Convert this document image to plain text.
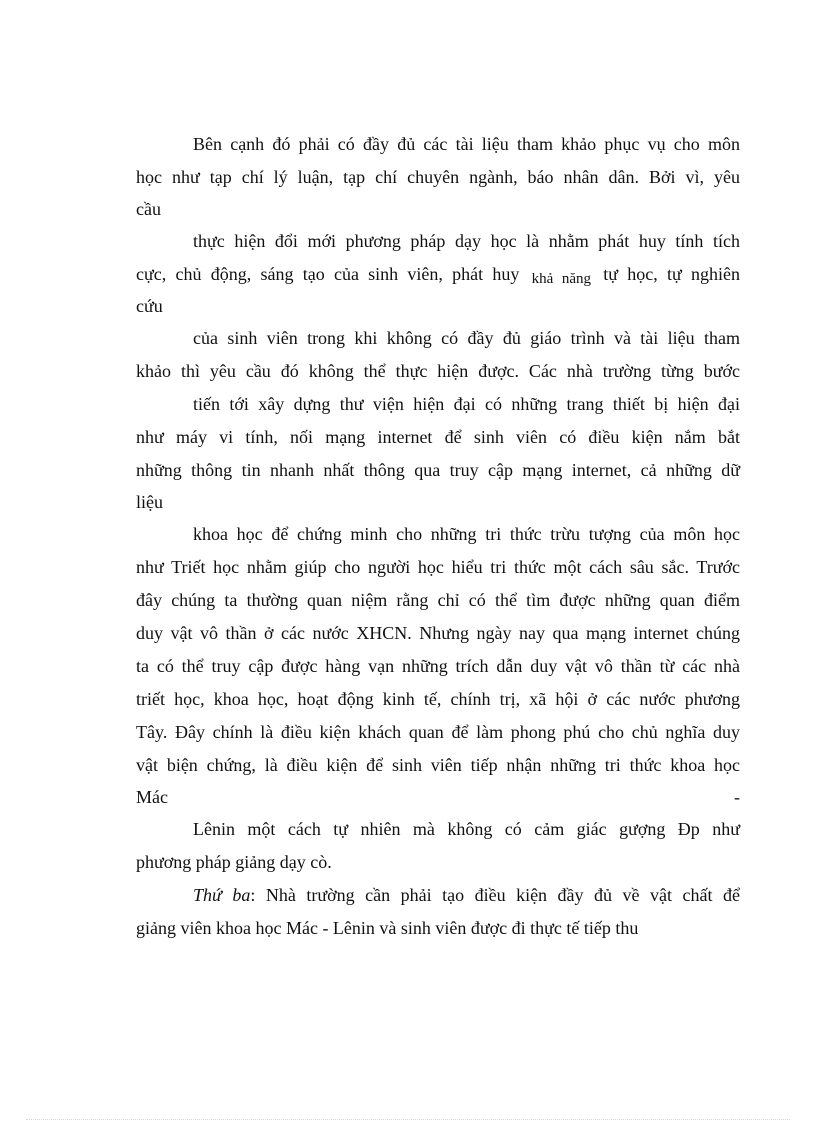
Bên cạnh đó phải có đầy đủ các tài liệu tham khảo phục vụ cho môn
học như tạp chí lý luận, tạp chí chuyên ngành, báo nhân dân. Bởi vì, yêu
cầu
thực hiện đổi mới phương pháp dạy học là nhằm phát huy tính tích
cực, chủ động, sáng tạo của sinh viên, phát huy khả năng tự học, tự nghiên
cứu
của sinh viên trong khi không có đầy đủ giáo trình và tài liệu tham
khảo thì yêu cầu đó không thể thực hiện được. Các nhà trường từng bước
tiến tới xây dựng thư viện hiện đại có những trang thiết bị hiện đại
như máy vi tính, nối mạng internet để sinh viên có điều kiện nắm bắt
những thông tin nhanh nhất thông qua truy cập mạng internet, cả những dữ
liệu
khoa học để chứng minh cho những tri thức trừu tượng của môn học
như Triết học nhằm giúp cho người học hiểu tri thức một cách sâu sắc. Trước
đây chúng ta thường quan niệm rằng chỉ có thể tìm được những quan điểm
duy vật vô thần ở các nước XHCN. Nhưng ngày nay qua mạng internet chúng
ta có thể truy cập được hàng vạn những trích dẫn duy vật vô thần từ các nhà
triết học, khoa học, hoạt động kinh tế, chính trị, xã hội ở các nước phương
Tây. Đây chính là điều kiện khách quan để làm phong phú cho chủ nghĩa duy
vật biện chứng, là điều kiện để sinh viên tiếp nhận những tri thức khoa học
Mác	-
Lênin một cách tự nhiên mà không có cảm giác gượng Ðp như
phương pháp giảng dạy cò.
Thứ ba: Nhà trường cần phải tạo điều kiện đầy đủ về vật chất để
giảng viên khoa học Mác - Lênin và sinh viên được đi thực tế tiếp thu
